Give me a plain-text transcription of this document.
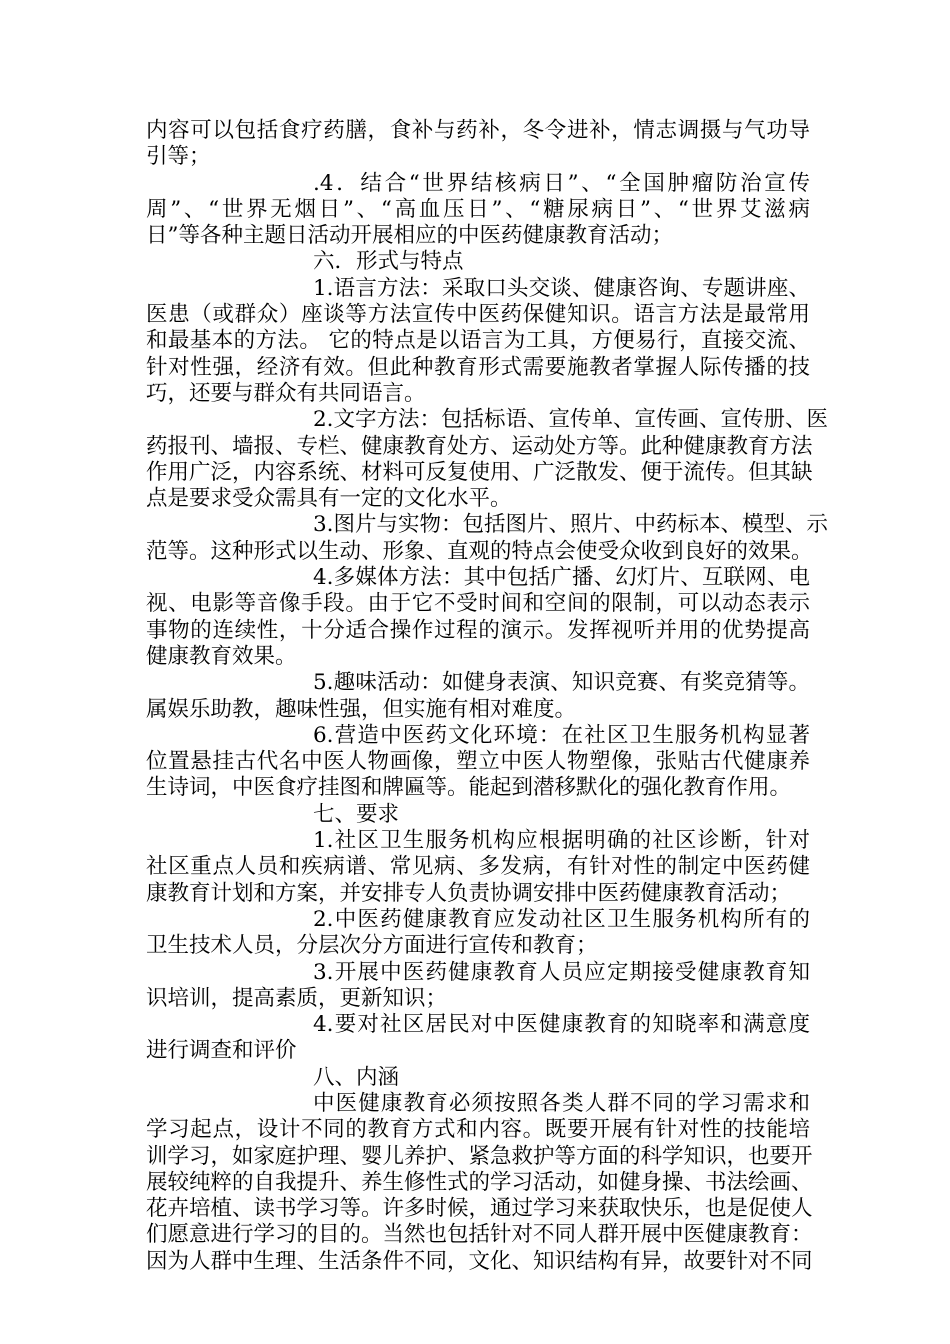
内容可以包括食疗药膳，食补与药补，冬令进补，情志调摄与气功导
引等；
.4．结合“世界结核病日”、“全国肿瘤防治宣传
周”、“世界无烟日”、“高血压日”、“糖尿病日”、“世界艾滋病
日”等各种主题日活动开展相应的中医药健康教育活动；
六．形式与特点
1.语言方法：采取口头交谈、健康咨询、专题讲座、
医患（或群众）座谈等方法宣传中医药保健知识。语言方法是最常用
和最基本的方法。 它的特点是以语言为工具，方便易行，直接交流、
针对性强，经济有效。但此种教育形式需要施教者掌握人际传播的技
巧，还要与群众有共同语言。
2.文字方法：包括标语、宣传单、宣传画、宣传册、医
药报刊、墙报、专栏、健康教育处方、运动处方等。此种健康教育方法
作用广泛，内容系统、材料可反复使用、广泛散发、便于流传。但其缺
点是要求受众需具有一定的文化水平。
3.图片与实物：包括图片、照片、中药标本、模型、示
范等。这种形式以生动、形象、直观的特点会使受众收到良好的效果。
4.多媒体方法：其中包括广播、幻灯片、互联网、电
视、电影等音像手段。由于它不受时间和空间的限制，可以动态表示
事物的连续性，十分适合操作过程的演示。发挥视听并用的优势提高
健康教育效果。
5.趣味活动：如健身表演、知识竞赛、有奖竞猜等。
属娱乐助教，趣味性强，但实施有相对难度。
6.营造中医药文化环境：在社区卫生服务机构显著
位置悬挂古代名中医人物画像，塑立中医人物塑像，张贴古代健康养
生诗词，中医食疗挂图和牌匾等。能起到潜移默化的强化教育作用。
七、要求
1.社区卫生服务机构应根据明确的社区诊断，针对
社区重点人员和疾病谱、常见病、多发病，有针对性的制定中医药健
康教育计划和方案，并安排专人负责协调安排中医药健康教育活动；
2.中医药健康教育应发动社区卫生服务机构所有的
卫生技术人员，分层次分方面进行宣传和教育；
3.开展中医药健康教育人员应定期接受健康教育知
识培训，提高素质，更新知识；
4.要对社区居民对中医健康教育的知晓率和满意度
进行调查和评价
八、内涵
中医健康教育必须按照各类人群不同的学习需求和
学习起点，设计不同的教育方式和内容。既要开展有针对性的技能培
训学习，如家庭护理、婴儿养护、紧急救护等方面的科学知识，也要开
展较纯粹的自我提升、养生修性式的学习活动，如健身操、书法绘画、
花卉培植、读书学习等。许多时候，通过学习来获取快乐，也是促使人
们愿意进行学习的目的。当然也包括针对不同人群开展中医健康教育：
因为人群中生理、生活条件不同，文化、知识结构有异，故要针对不同
